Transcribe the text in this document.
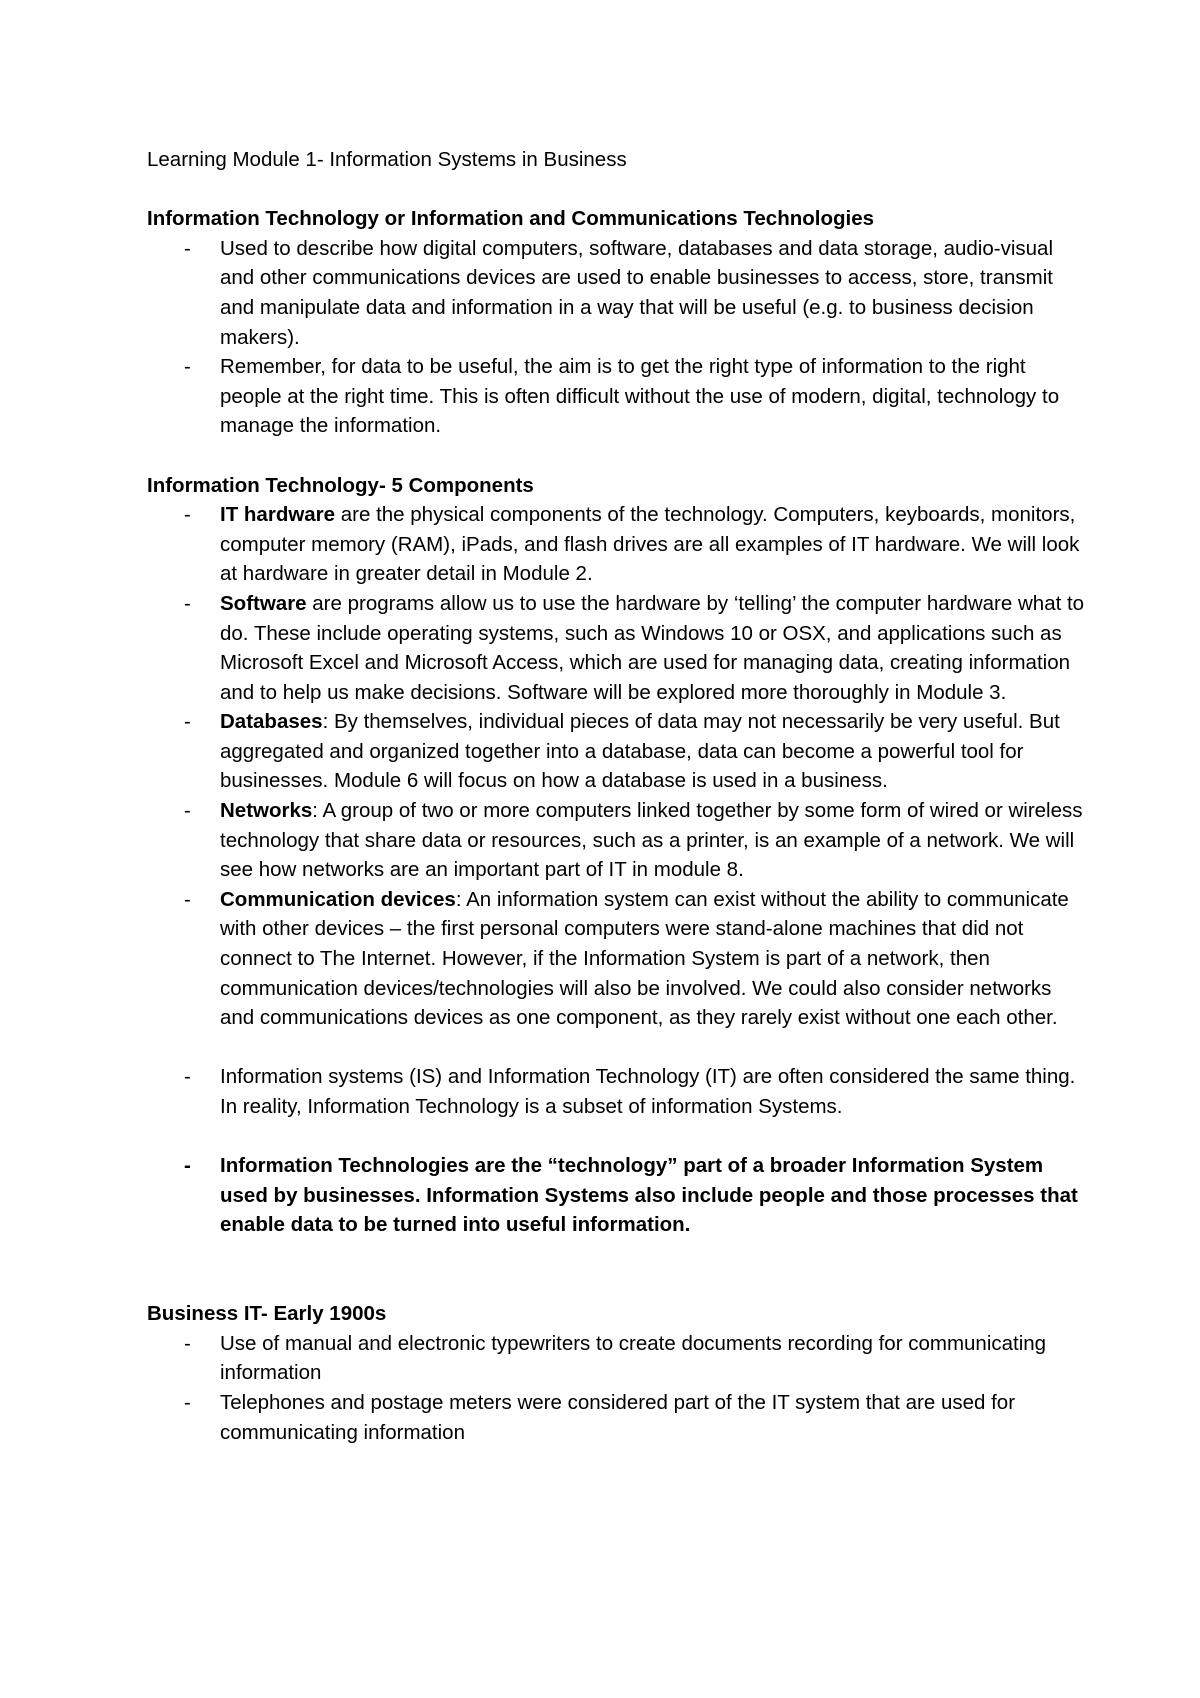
Learning Module 1- Information Systems in Business

Information Technology or Information and Communications Technologies

- Used to describe how digital computers, software, databases and data storage, audio-visual and other communications devices are used to enable businesses to access, store, transmit and manipulate data and information in a way that will be useful (e.g. to business decision makers).
- Remember, for data to be useful, the aim is to get the right type of information to the right people at the right time. This is often difficult without the use of modern, digital, technology to manage the information.

Information Technology- 5 Components

- IT hardware are the physical components of the technology. Computers, keyboards, monitors, computer memory (RAM), iPads, and flash drives are all examples of IT hardware. We will look at hardware in greater detail in Module 2.
- Software are programs allow us to use the hardware by ‘telling’ the computer hardware what to do. These include operating systems, such as Windows 10 or OSX, and applications such as Microsoft Excel and Microsoft Access, which are used for managing data, creating information and to help us make decisions. Software will be explored more thoroughly in Module 3.
- Databases: By themselves, individual pieces of data may not necessarily be very useful. But aggregated and organized together into a database, data can become a powerful tool for businesses. Module 6 will focus on how a database is used in a business.
- Networks: A group of two or more computers linked together by some form of wired or wireless technology that share data or resources, such as a printer, is an example of a network. We will see how networks are an important part of IT in module 8.
- Communication devices: An information system can exist without the ability to communicate with other devices – the first personal computers were stand-alone machines that did not connect to The Internet. However, if the Information System is part of a network, then communication devices/technologies will also be involved. We could also consider networks and communications devices as one component, as they rarely exist without one each other.
- Information systems (IS) and Information Technology (IT) are often considered the same thing. In reality, Information Technology is a subset of information Systems.
- Information Technologies are the “technology” part of a broader Information System used by businesses. Information Systems also include people and those processes that enable data to be turned into useful information.

Business IT- Early 1900s

- Use of manual and electronic typewriters to create documents recording for communicating information
- Telephones and postage meters were considered part of the IT system that are used for communicating information
